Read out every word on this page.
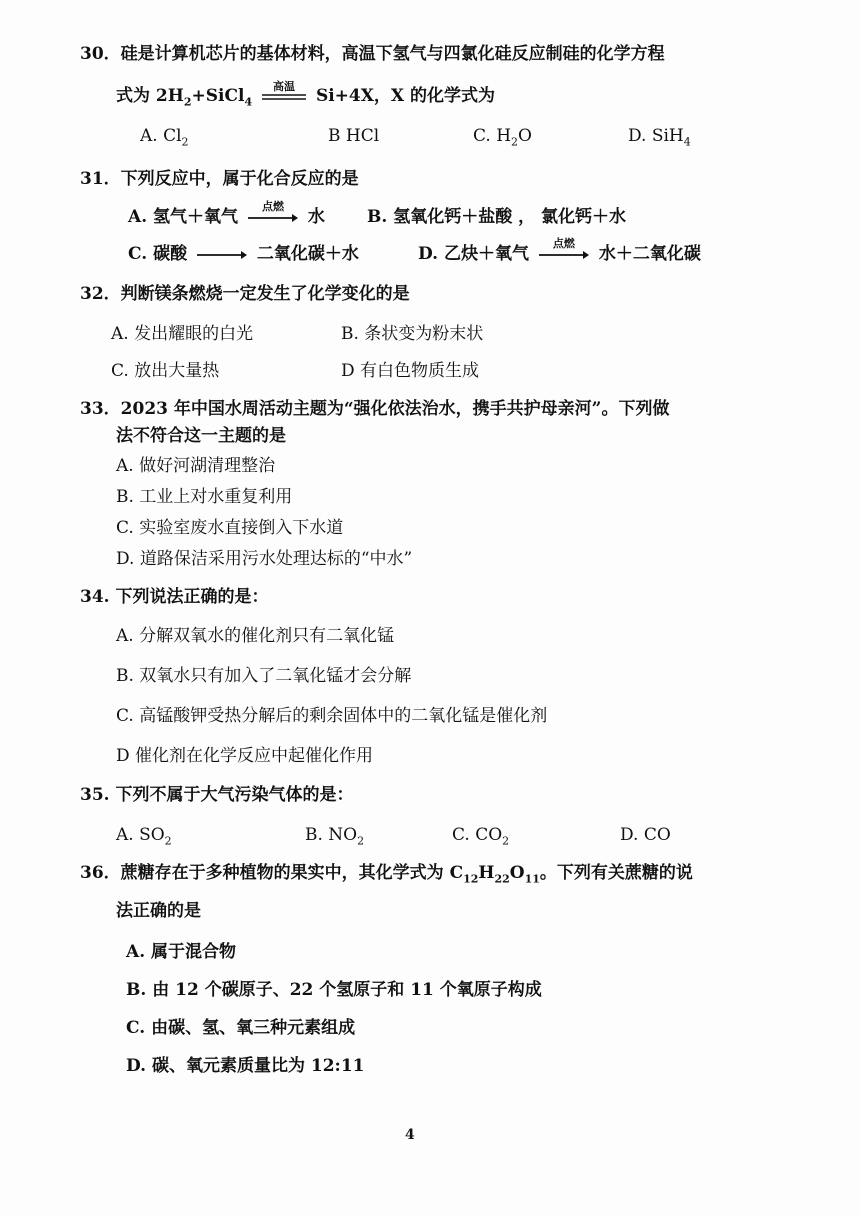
30．硅是计算机芯片的基体材料，高温下氢气与四氯化硅反应制硅的化学方程
式为 $2H_2+SiCl_4$
高温	Si+4X，X 的化学式为
A. $Cl_2$	B HCl	C. $H_2O$	D. SiH$_4$
31．下列反应中，属于化合反应的是
A. 氢气＋氧气
点燃
水 B. 氢氧化钙＋盐酸 ， 氯化钙＋水
C. 碳酸 → 二氧化碳＋水	D. 乙炔＋氧气
点燃
水＋二氧化碳
32．判断镁条燃烧一定发生了化学变化的是
A. 发出耀眼的白光	B. 条状变为粉末状
C. 放出大量热	D 有白色物质生成
33．2023 年中国水周活动主题为“强化依法治水，携手共护母亲河”。下列做
法不符合这一主题的是
A. 做好河湖清理整治
B. 工业上对水重复利用
C. 实验室废水直接倒入下水道
D. 道路保洁采用污水处理达标的“中水”
34. 下列说法正确的是：
A. 分解双氧水的催化剂只有二氧化锰
B. 双氧水只有加入了二氧化锰才会分解
C. 高锰酸钾受热分解后的剩余固体中的二氧化锰是催化剂
D 催化剂在化学反应中起催化作用
35. 下列不属于大气污染气体的是：
A. $SO_2$	B. $NO_2$	C. $CO_2$	D. CO
36．蔗糖存在于多种植物的果实中，其化学式为 $C_{12}H_{22}O_{11}$。下列有关蔗糖的说
法正确的是
A. 属于混合物
B. 由 12 个碳原子、22 个氢原子和 11 个氧原子构成
C. 由碳、氢、氧三种元素组成
D. 碳、氧元素质量比为 12:11
4
